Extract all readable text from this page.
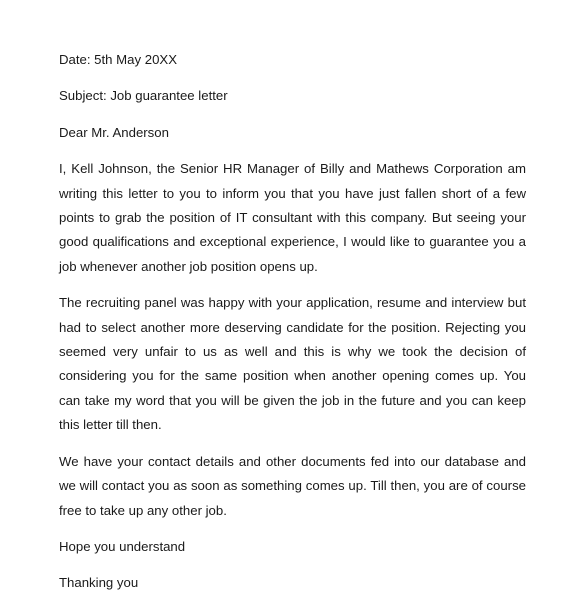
Date: 5th May 20XX

Subject: Job guarantee letter

Dear Mr. Anderson

I, Kell Johnson, the Senior HR Manager of Billy and Mathews Corporation am writing this letter to you to inform you that you have just fallen short of a few points to grab the position of IT consultant with this company. But seeing your good qualifications and exceptional experience, I would like to guarantee you a job whenever another job position opens up.

The recruiting panel was happy with your application, resume and interview but had to select another more deserving candidate for the position. Rejecting you seemed very unfair to us as well and this is why we took the decision of considering you for the same position when another opening comes up. You can take my word that you will be given the job in the future and you can keep this letter till then.

We have your contact details and other documents fed into our database and we will contact you as soon as something comes up. Till then, you are of course free to take up any other job.

Hope you understand

Thanking you
